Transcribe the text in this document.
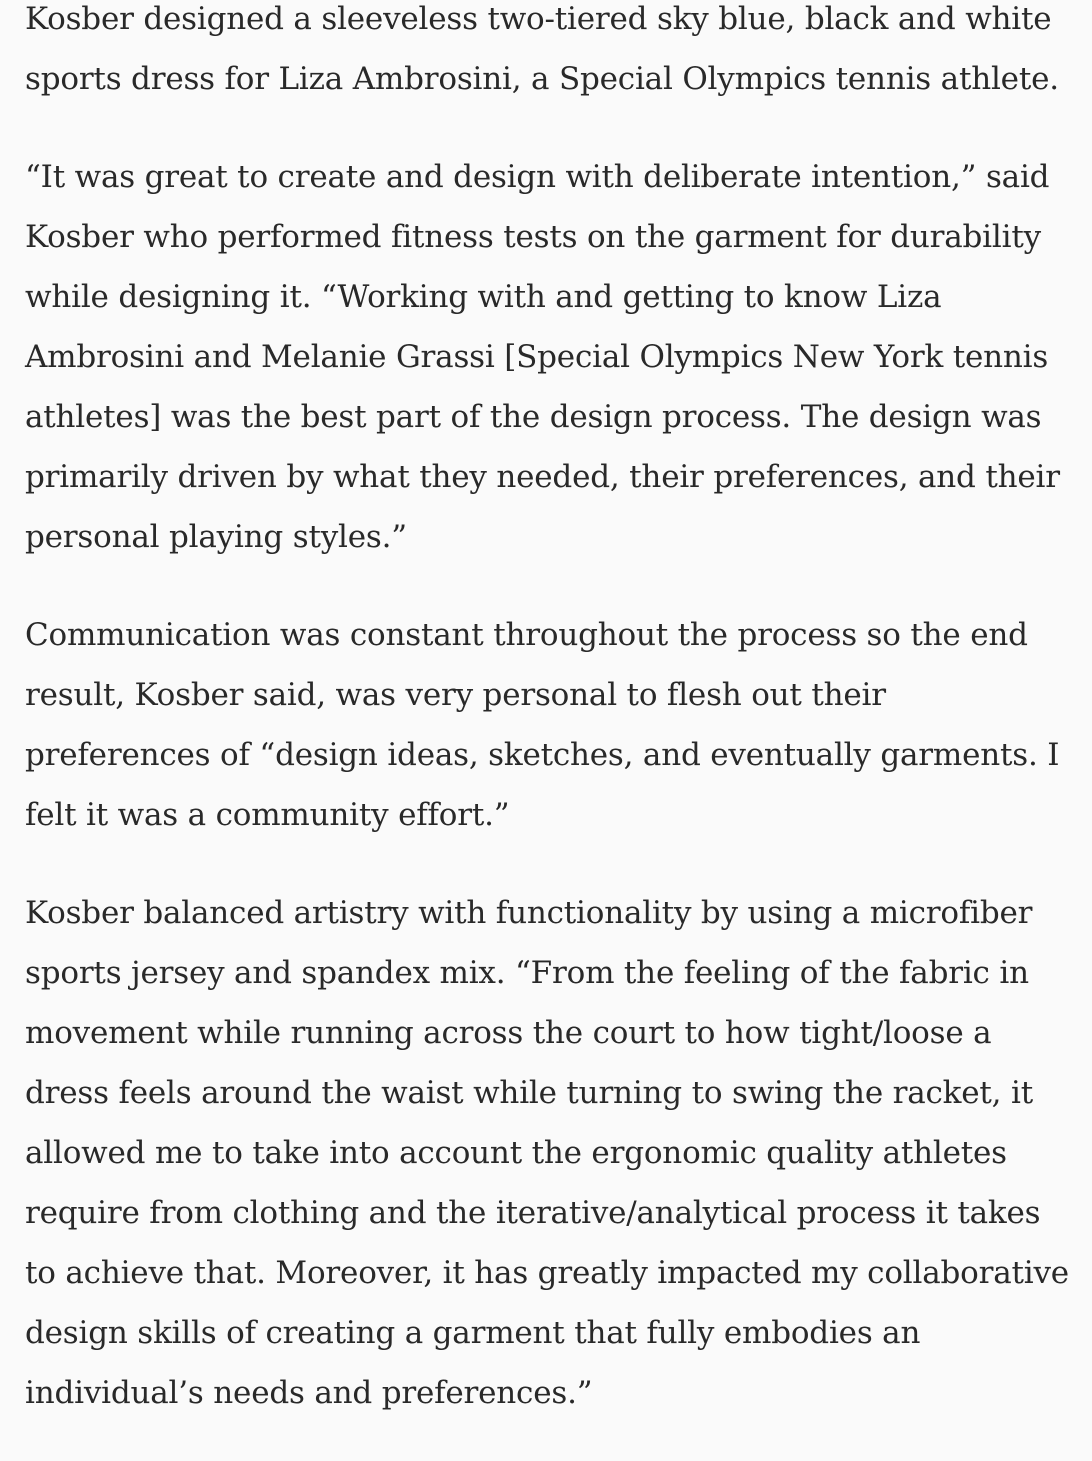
Kosber designed a sleeveless two-tiered sky blue, black and white
sports dress for Liza Ambrosini, a Special Olympics tennis athlete.

“It was great to create and design with deliberate intention,” said
Kosber who performed fitness tests on the garment for durability
while designing it. “Working with and getting to know Liza
Ambrosini and Melanie Grassi [Special Olympics New York tennis
athletes] was the best part of the design process. The design was
primarily driven by what they needed, their preferences, and their
personal playing styles.”

Communication was constant throughout the process so the end
result, Kosber said, was very personal to flesh out their
preferences of “design ideas, sketches, and eventually garments. I
felt it was a community effort.”

Kosber balanced artistry with functionality by using a microfiber
sports jersey and spandex mix. “From the feeling of the fabric in
movement while running across the court to how tight/loose a
dress feels around the waist while turning to swing the racket, it
allowed me to take into account the ergonomic quality athletes
require from clothing and the iterative/analytical process it takes
to achieve that. Moreover, it has greatly impacted my collaborative
design skills of creating a garment that fully embodies an
individual’s needs and preferences.”
